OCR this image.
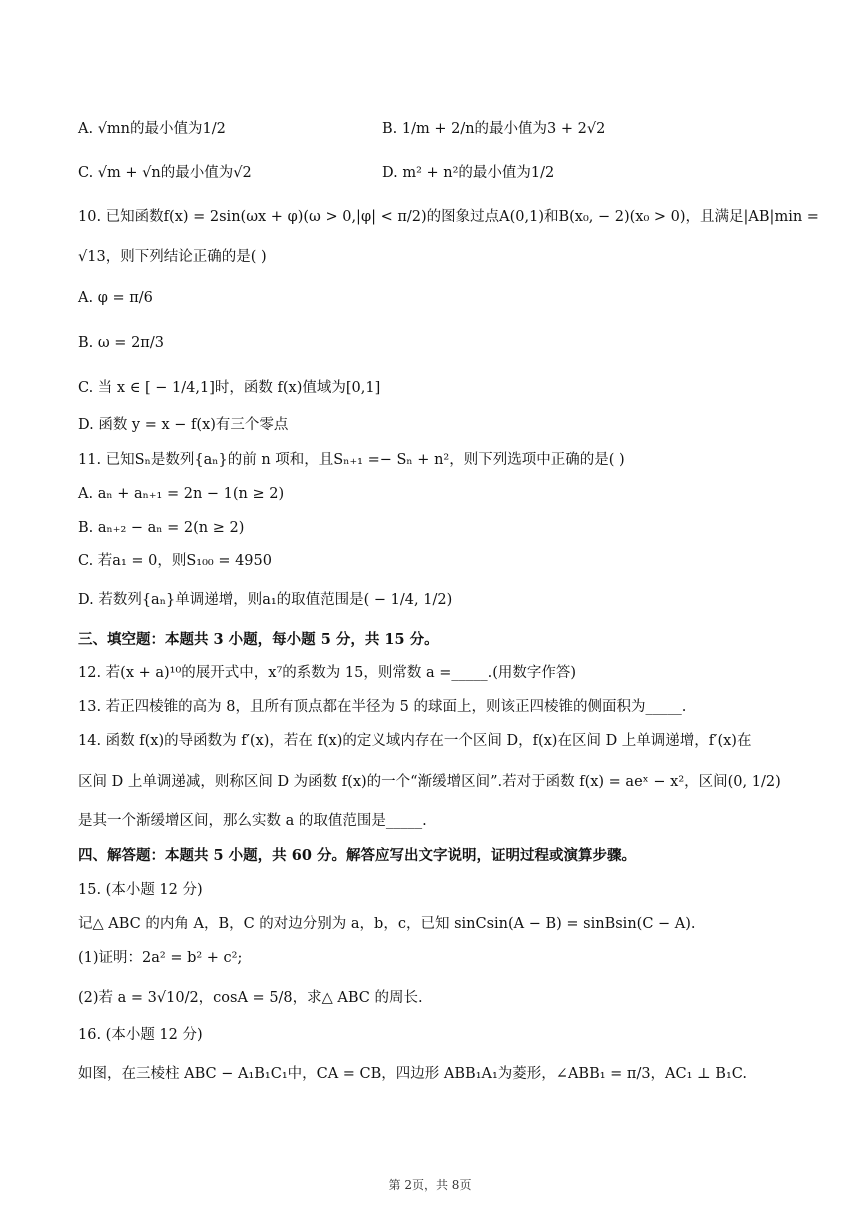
A. √mn的最小值为1/2	B. 1/m + 2/n的最小值为3 + 2√2
C. √m + √n的最小值为√2	D. m² + n²的最小值为1/2
10. 已知函数f(x) = 2sin(ωx + φ)(ω > 0,|φ| < π/2)的图象过点A(0,1)和B(x₀, − 2)(x₀ > 0)，且满足|AB|min =
√13，则下列结论正确的是( )
A. φ = π/6
B. ω = 2π/3
C. 当 x ∈ [ − 1/4,1]时，函数 f(x)值域为[0,1]
D. 函数 y = x − f(x)有三个零点
11. 已知Sₙ是数列{aₙ}的前 n 项和，且Sₙ₊₁ =− Sₙ + n²，则下列选项中正确的是( )
A. aₙ + aₙ₊₁ = 2n − 1(n ≥ 2)
B. aₙ₊₂ − aₙ = 2(n ≥ 2)
C. 若a₁ = 0，则S₁₀₀ = 4950
D. 若数列{aₙ}单调递增，则a₁的取值范围是( − 1/4, 1/2)
三、填空题：本题共 3 小题，每小题 5 分，共 15 分。
12. 若(x + a)¹⁰的展开式中，x⁷的系数为 15，则常数 a =_____.(用数字作答)
13. 若正四棱锥的高为 8，且所有顶点都在半径为 5 的球面上，则该正四棱锥的侧面积为_____.
14. 函数 f(x)的导函数为 f′(x)，若在 f(x)的定义域内存在一个区间 D，f(x)在区间 D 上单调递增，f′(x)在
区间 D 上单调递减，则称区间 D 为函数 f(x)的一个“渐缓增区间”.若对于函数 f(x) = aeˣ − x²，区间(0, 1/2)
是其一个渐缓增区间，那么实数 a 的取值范围是_____.
四、解答题：本题共 5 小题，共 60 分。解答应写出文字说明，证明过程或演算步骤。
15. (本小题 12 分)
记△ ABC 的内角 A，B，C 的对边分别为 a，b，c，已知 sinCsin(A − B) = sinBsin(C − A).
(1)证明：2a² = b² + c²;
(2)若 a = 3√10/2，cosA = 5/8，求△ ABC 的周长.
16. (本小题 12 分)
如图，在三棱柱 ABC − A₁B₁C₁中，CA = CB，四边形 ABB₁A₁为菱形，∠ABB₁ = π/3，AC₁ ⊥ B₁C.
第 2页，共 8页
